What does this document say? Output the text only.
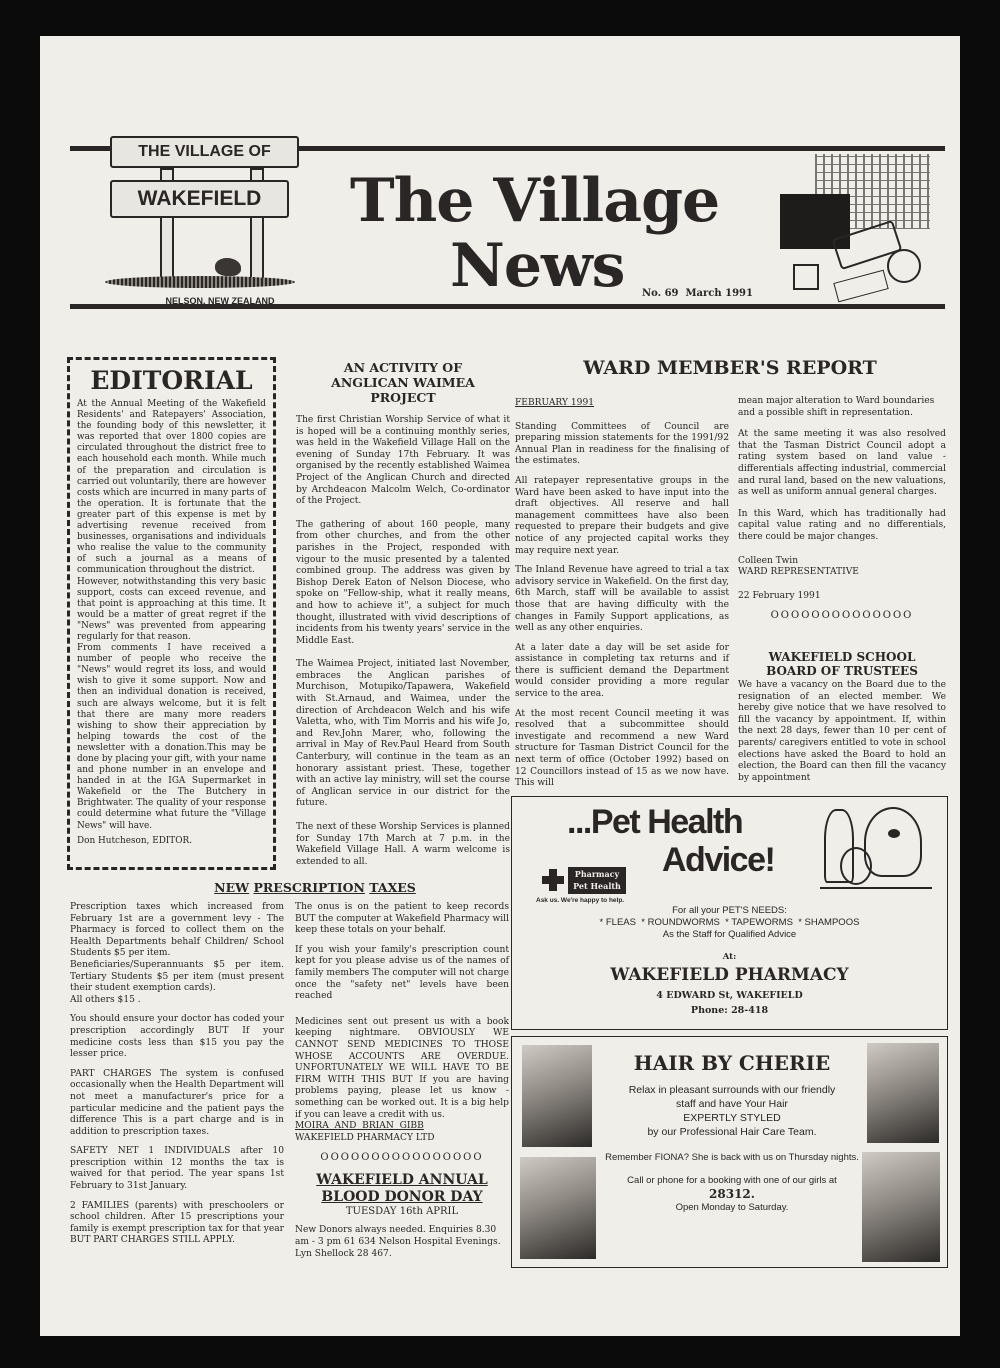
THE VILLAGE OF
WAKEFIELD
NELSON, NEW ZEALAND
The Village
News No. 69  March 1991
EDITORIAL

At the Annual Meeting of the Wakefield Residents' and Ratepayers' Association, the founding body of this newsletter, it was reported that over 1800 copies are circulated throughout the district free to each household each month. While much of the preparation and circulation is carried out voluntarily, there are however costs which are incurred in many parts of the operation. It is fortunate that the greater part of this expense is met by advertising revenue received from businesses, organisations and individuals who realise the value to the community of such a journal as a means of communication throughout the district.

However, notwithstanding this very basic support, costs can exceed revenue, and that point is approaching at this time. It would be a matter of great regret if the "News" was prevented from appearing regularly for that reason.

From comments I have received a number of people who receive the "News" would regret its loss, and would wish to give it some support. Now and then an individual donation is received, such are always welcome, but it is felt that there are many more readers wishing to show their appreciation by helping towards the cost of the newsletter with a donation.This may be done by placing your gift, with your name and phone number in an envelope and handed in at the IGA Supermarket in Wakefield or the The Butchery in Brightwater. The quality of your response could determine what future the "Village News" will have.

Don Hutcheson, EDITOR.

AN ACTIVITY OF ANGLICAN WAIMEA PROJECT

The first Christian Worship Service of what it is hoped will be a continuing monthly series, was held in the Wakefield Village Hall on the evening of Sunday 17th February. It was organised by the recently established Waimea Project of the Anglican Church and directed by Archdeacon Malcolm Welch, Co-ordinator of the Project.

The gathering of about 160 people, many from other churches, and from the other parishes in the Project, responded with vigour to the music presented by a talented combined group. The address was given by Bishop Derek Eaton of Nelson Diocese, who spoke on "Fellow-ship, what it really means, and how to achieve it", a subject for much thought, illustrated with vivid descriptions of incidents from his twenty years' service in the Middle East.

The Waimea Project, initiated last November, embraces the Anglican parishes of Murchison, Motupiko/Tapawera, Wakefield with St.Arnaud, and Waimea, under the direction of Archdeacon Welch and his wife Valetta, who, with Tim Morris and his wife Jo, and Rev.John Marer, who, following the arrival in May of Rev.Paul Heard from South Canterbury, will continue in the team as an honorary assistant priest. These, together with an active lay ministry, will set the course of Anglican service in our district for the future.

The next of these Worship Services is planned for Sunday 17th March at 7 p.m. in the Wakefield Village Hall. A warm welcome is extended to all.

WARD MEMBER'S REPORT

FEBRUARY 1991

Standing Committees of Council are preparing mission statements for the 1991/92 Annual Plan in readiness for the finalising of the estimates.

All ratepayer representative groups in the Ward have been asked to have input into the draft objectives. All reserve and hall management committees have also been requested to prepare their budgets and give notice of any projected capital works they may require next year.

The Inland Revenue have agreed to trial a tax advisory service in Wakefield. On the first day, 6th March, staff will be available to assist those that are having difficulty with the changes in Family Support applications, as well as any other enquiries.

At a later date a day will be set aside for assistance in completing tax returns and if there is sufficient demand the Department would consider providing a more regular service to the area.

At the most recent Council meeting it was resolved that a subcommittee should investigate and recommend a new Ward structure for Tasman District Council for the next term of office (October 1992) based on 12 Councillors instead of 15 as we now have. This will

mean major alteration to Ward boundaries and a possible shift in representation.

At the same meeting it was also resolved that the Tasman District Council adopt a rating system based on land value - differentials affecting industrial, commercial and rural land, based on the new valuations, as well as uniform annual general charges.

In this Ward, which has traditionally had capital value rating and no differentials, there could be major changes.

Colleen Twin

WARD REPRESENTATIVE

22 February 1991

OOOOOOOOOOOOOO
WAKEFIELD SCHOOL
BOARD OF TRUSTEES

We have a vacancy on the Board due to the resignation of an elected member. We hereby give notice that we have resolved to fill the vacancy by appointment. If, within the next 28 days, fewer than 10 per cent of parents/ caregivers entitled to vote in school elections have asked the Board to hold an election, the Board can then fill the vacancy by appointment

...Pet Health
Advice!
Pharmacy
Pet Health
Ask us. We're happy to help.
For all your PET'S NEEDS:
* FLEAS  * ROUNDWORMS  * TAPEWORMS  * SHAMPOOS
As the Staff for Qualified Advice
At:
WAKEFIELD PHARMACY
4 EDWARD St, WAKEFIELD
Phone: 28-418
HAIR BY CHERIE
Relax in pleasant surrounds with our friendly
staff and have Your Hair
EXPERTLY STYLED
by our Professional Hair Care Team.
Remember FIONA? She is back with us on Thursday nights.
Call or phone for a booking with one of our girls at
28312.
Open Monday to Saturday.
NEW PRESCRIPTION TAXES

Prescription taxes which increased from February 1st are a government levy - The Pharmacy is forced to collect them on the Health Departments behalf Children/ School Students $5 per item.

Beneficiaries/Superannuants $5 per item. Tertiary Students $5 per item (must present their student exemption cards).

All others $15 .

You should ensure your doctor has coded your prescription accordingly BUT If your medicine costs less than $15 you pay the lesser price.

PART CHARGES The system is confused occasionally when the Health Department will not meet a manufacturer's price for a particular medicine and the patient pays the difference This is a part charge and is in addition to prescription taxes.

SAFETY NET 1 INDIVIDUALS after 10 prescription within 12 months the tax is waived for that period. The year spans 1st February to 31st January.

2 FAMILIES (parents) with preschoolers or school children. After 15 prescriptions your family is exempt prescription tax for that year BUT PART CHARGES STILL APPLY.

The onus is on the patient to keep records BUT the computer at Wakefield Pharmacy will keep these totals on your behalf.

If you wish your family's prescription count kept for you please advise us of the names of family members The computer will not charge once the "safety net" levels have been reached

Medicines sent out present us with a book keeping nightmare. OBVIOUSLY WE CANNOT SEND MEDICINES TO THOSE WHOSE ACCOUNTS ARE OVERDUE. UNFORTUNATELY WE WILL HAVE TO BE FIRM WITH THIS BUT If you are having problems paying, please let us know - something can be worked out. It is a big help if you can leave a credit with us.

MOIRA  AND  BRIAN  GIBB

WAKEFIELD PHARMACY LTD

OOOOOOOOOOOOOOOO
WAKEFIELD ANNUAL
BLOOD DONOR DAY
TUESDAY 16th APRIL

New Donors always needed. Enquiries 8.30 am - 3 pm 61 634 Nelson Hospital Evenings. Lyn Shellock 28 467.
